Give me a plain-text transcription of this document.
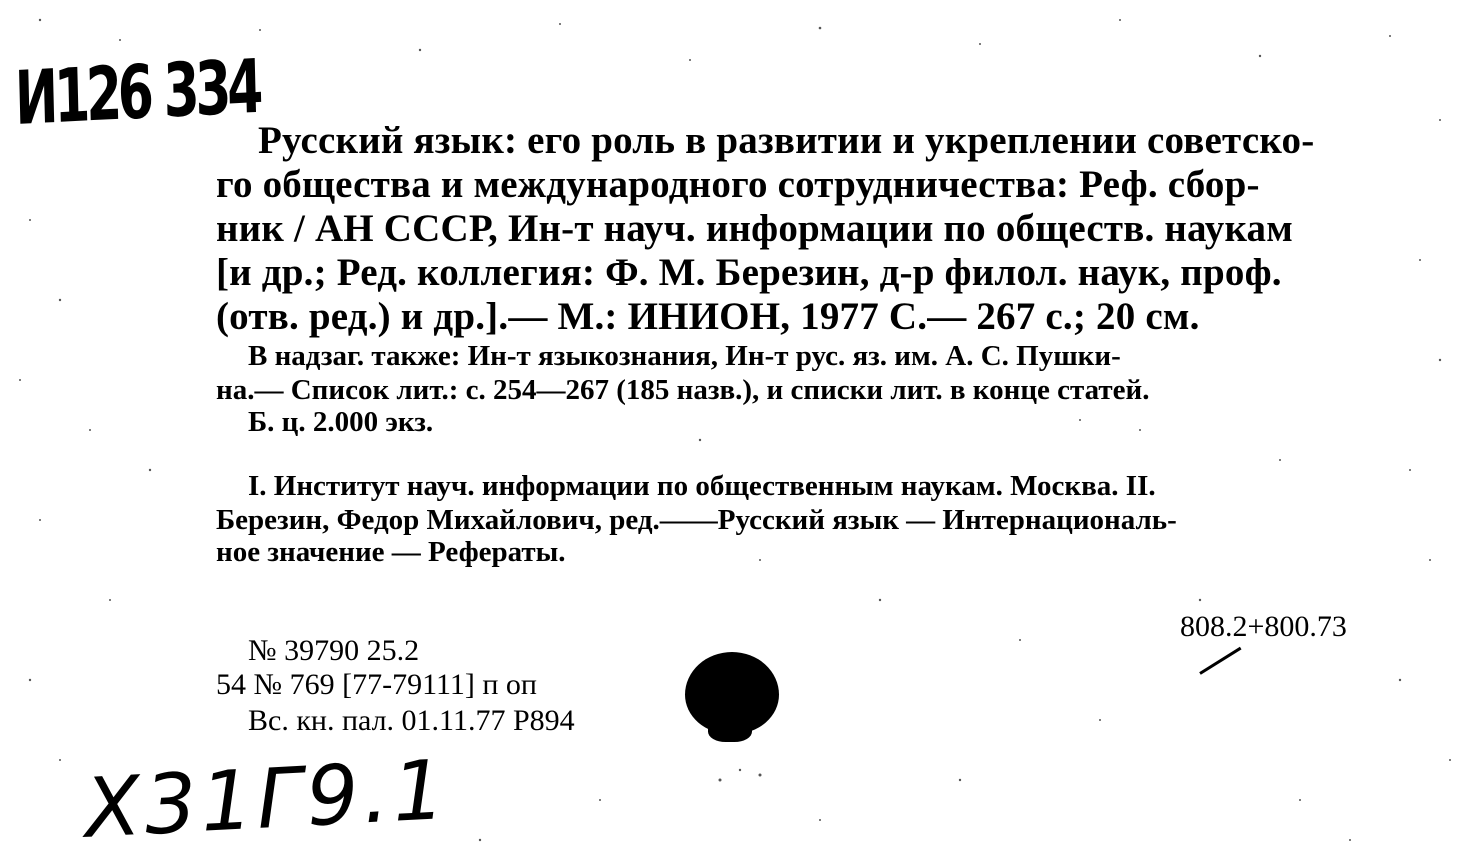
И126 334
Русский язык: его роль в развитии и укреплении советско-
го общества и международного сотрудничества: Реф. сбор-
ник / АН СССР, Ин-т науч. информации по обществ. наукам
[и др.; Ред. коллегия: Ф. М. Березин, д-р филол. наук, проф.
(отв. ред.) и др.].— М.: ИНИОН, 1977 С.— 267 с.; 20 см.
В надзаг. также: Ин-т языкознания, Ин-т рус. яз. им. А. С. Пушки-
на.— Список лит.: с. 254—267 (185 назв.), и списки лит. в конце статей.
Б. ц. 2.000 экз.
I. Институт науч. информации по общественным наукам. Москва. II.
Березин, Федор Михайлович, ред.——Русский язык — Интернациональ-
ное значение — Рефераты.
808.2+800.73
№ 39790 25.2
54 № 769 [77-79111] п оп
Вс. кн. пал. 01.11.77 Р894
Х31Г9.1
